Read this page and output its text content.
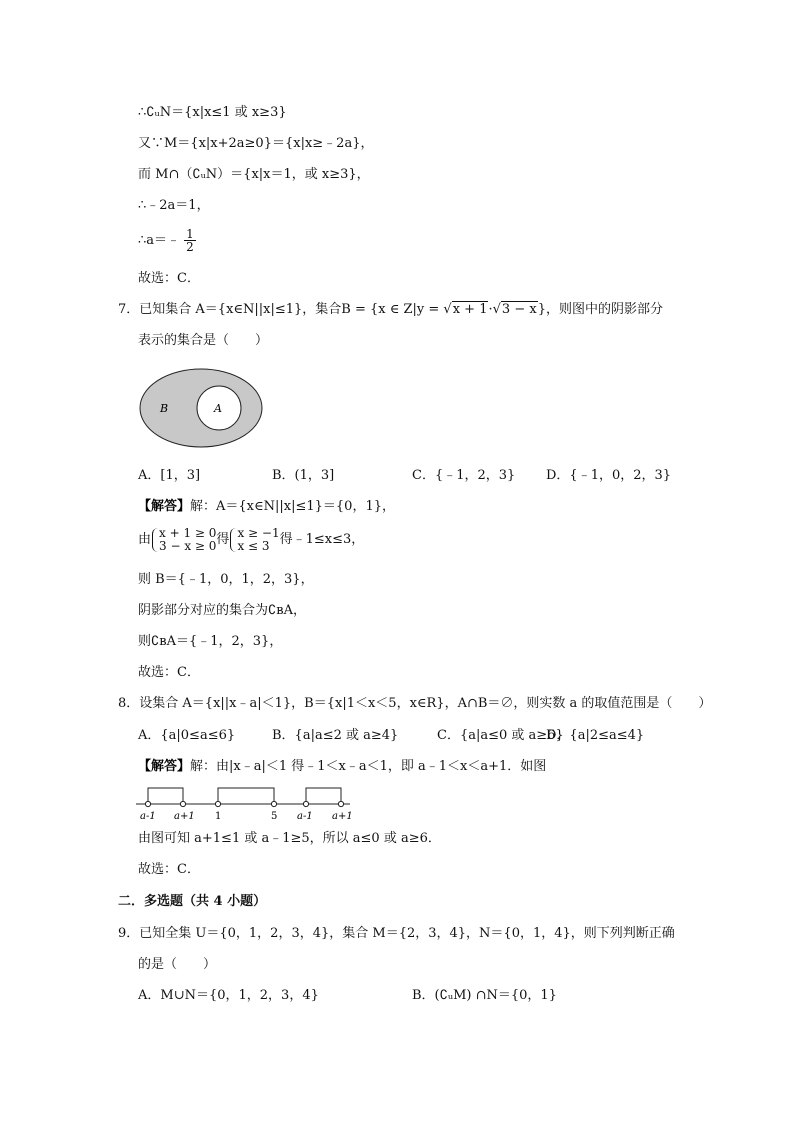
∴∁ᵤN＝{x|x≤1 或 x≥3}
又∵M＝{x|x+2a≥0}＝{x|x≥﹣2a}，
而 M∩（∁ᵤN）＝{x|x＝1，或 x≥3}，
∴﹣2a＝1，
∴a＝﹣ $\frac{1}{2}$
故选：C．
7．已知集合 A＝{x∈N||x|≤1}，集合B = {x ∈ Z|y = √x + 1·√3 − x}，则图中的阴影部分
表示的集合是（　　）
B	A
A．[1，3]	B．(1，3]	C．{﹣1，2，3} D．{﹣1，0，2，3}
【解答】解：A＝{x∈N||x|≤1}＝{0，1}，
由 x + 1 ≥ 0
3 − x ≥ 0 得 x ≥ −1
x ≤ 3 得﹣1≤x≤3，
则 B＝{﹣1，0，1，2，3}，
阴影部分对应的集合为∁ʙA，
则∁ʙA＝{﹣1，2，3}，
故选：C．
8．设集合 A＝{x||x﹣a|＜1}，B＝{x|1＜x＜5，x∈R}，A∩B＝∅，则实数 a 的取值范围是（　　）
A．{a|0≤a≤6}	B．{a|a≤2 或 a≥4}	C．{a|a≤0 或 a≥6}
D．{a|2≤a≤4}
【解答】解：由|x﹣a|＜1 得﹣1＜x﹣a＜1，即 a﹣1＜x＜a+1．如图
a-1 a+1 1	5 a-1 a+1
由图可知 a+1≤1 或 a﹣1≥5，所以 a≤0 或 a≥6．
故选：C．
二．多选题（共 4 小题）
9．已知全集 U＝{0，1，2，3，4}，集合 M＝{2，3，4}，N＝{0，1，4}，则下列判断正确
的是（　　）
A．M∪N＝{0，1，2，3，4}	B．(∁ᵤM) ∩N＝{0，1}
